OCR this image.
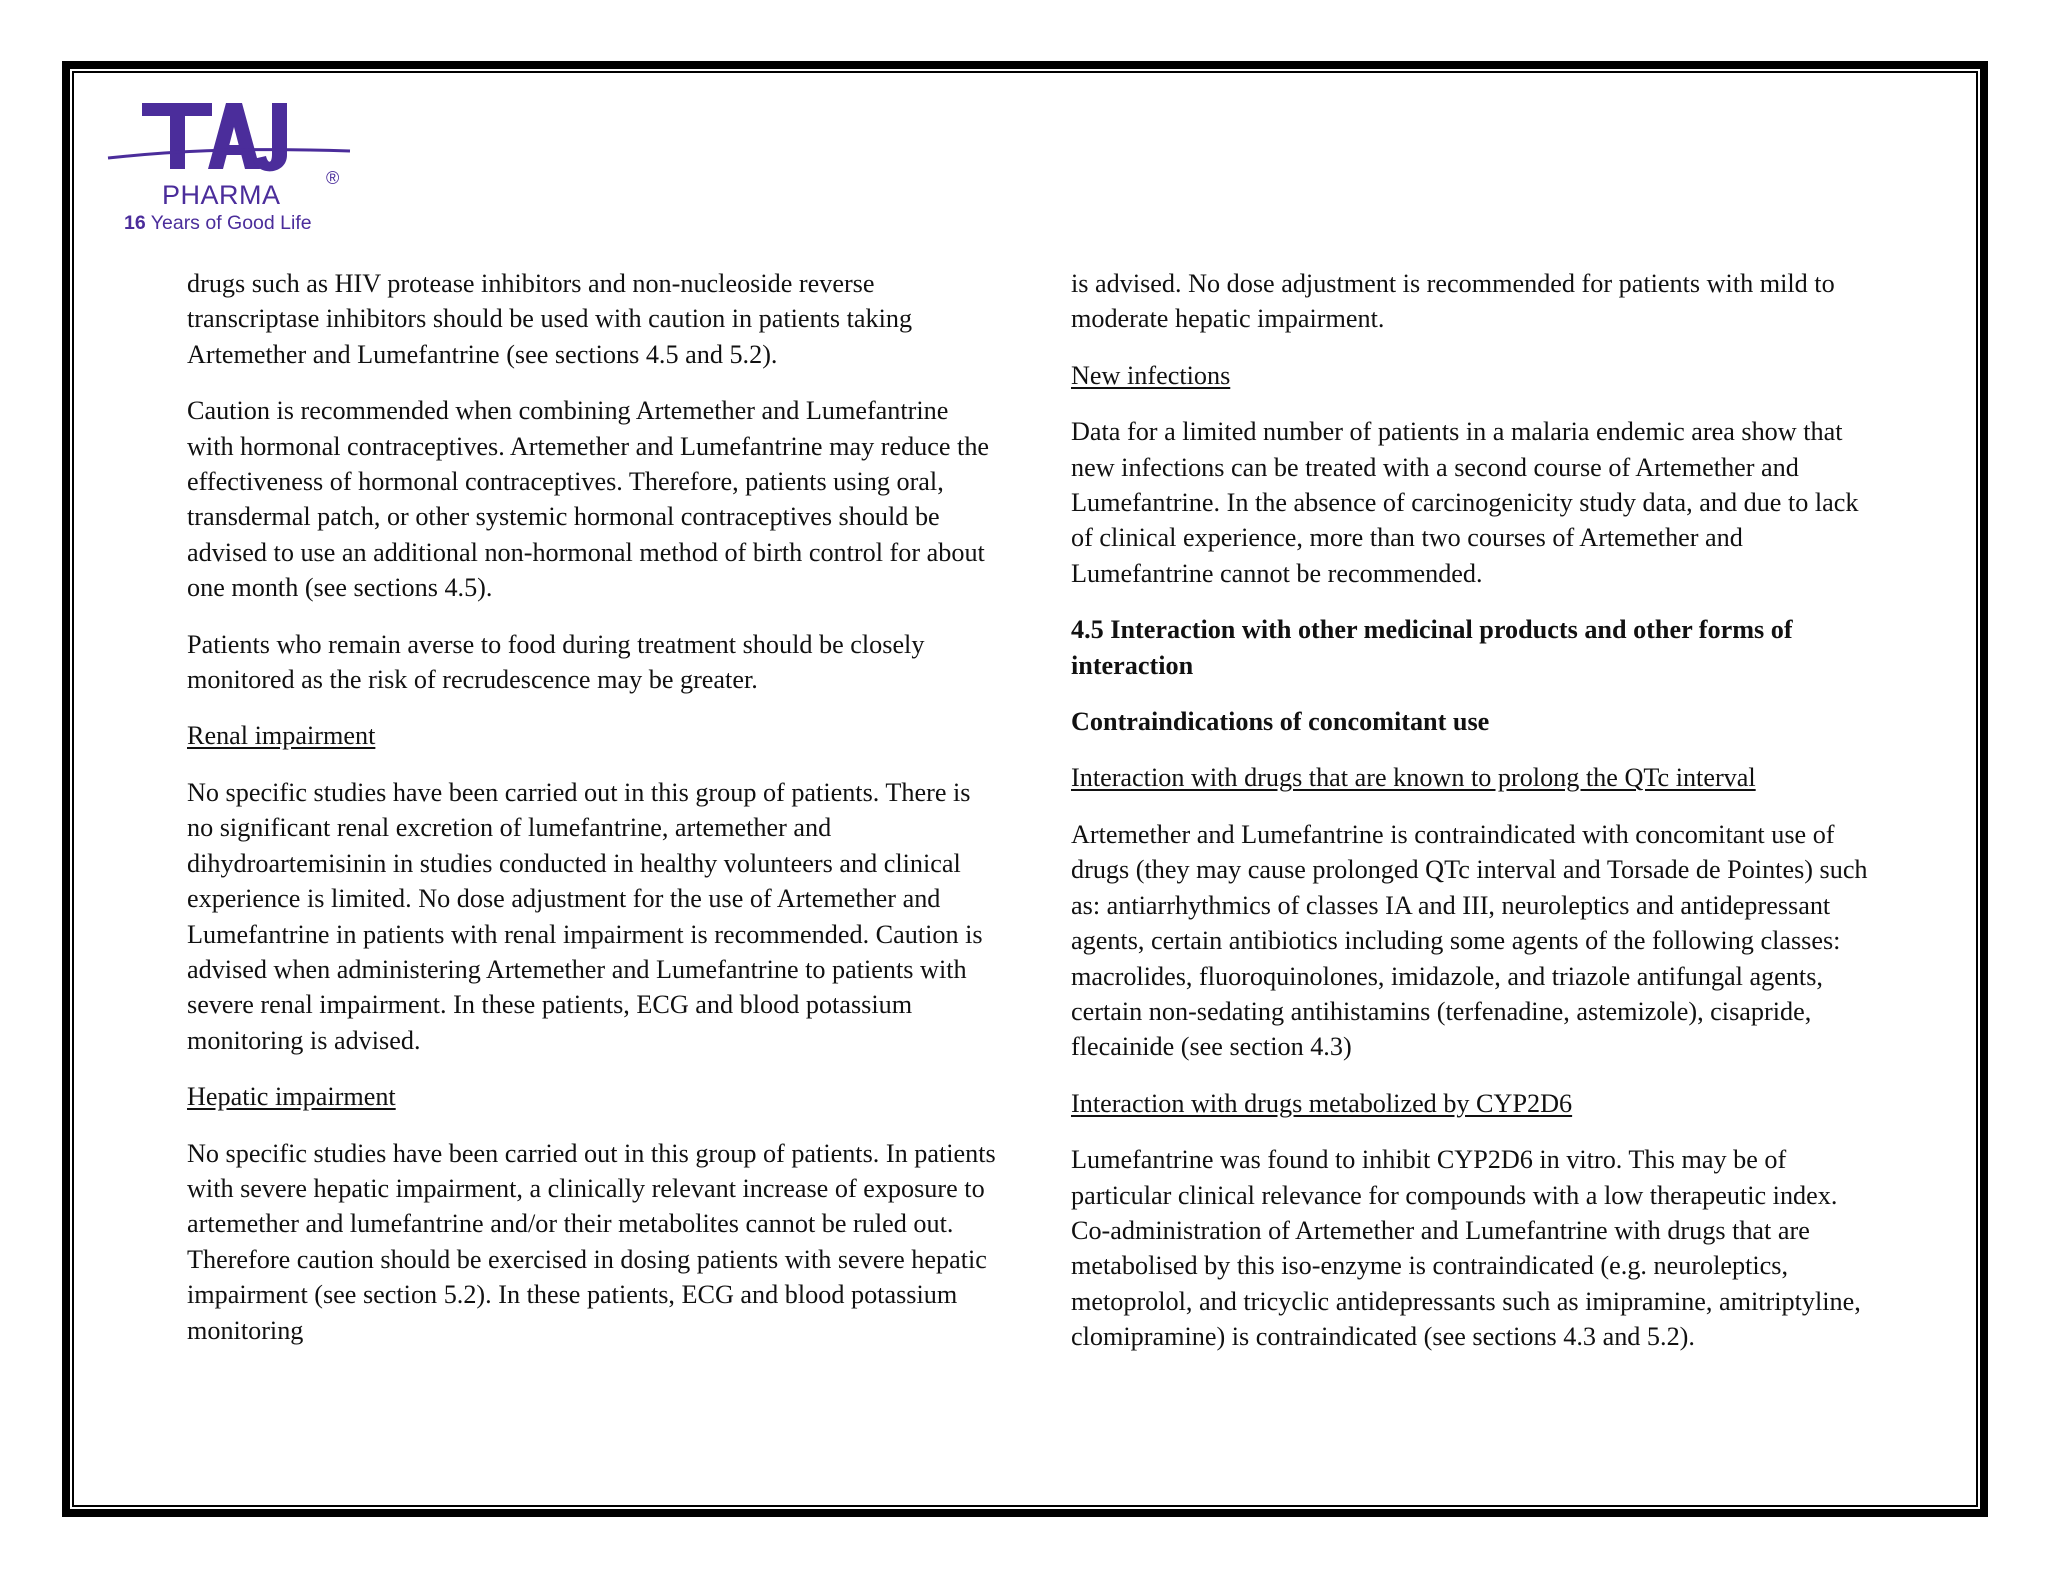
PHARMA
®
16 Years of Good Life

drugs such as HIV protease inhibitors and non-nucleoside reverse transcriptase inhibitors should be used with caution in patients taking Artemether and Lumefantrine (see sections 4.5 and 5.2).

Caution is recommended when combining Artemether and Lumefantrine with hormonal contraceptives. Artemether and Lumefantrine may reduce the effectiveness of hormonal contraceptives. Therefore, patients using oral, transdermal patch, or other systemic hormonal contraceptives should be advised to use an additional non-hormonal method of birth control for about one month (see sections 4.5).

Patients who remain averse to food during treatment should be closely monitored as the risk of recrudescence may be greater.

Renal impairment

No specific studies have been carried out in this group of patients. There is no significant renal excretion of lumefantrine, artemether and dihydroartemisinin in studies conducted in healthy volunteers and clinical experience is limited. No dose adjustment for the use of Artemether and Lumefantrine in patients with renal impairment is recommended. Caution is advised when administering Artemether and Lumefantrine to patients with severe renal impairment. In these patients, ECG and blood potassium monitoring is advised.

Hepatic impairment

No specific studies have been carried out in this group of patients. In patients with severe hepatic impairment, a clinically relevant increase of exposure to artemether and lumefantrine and/or their metabolites cannot be ruled out. Therefore caution should be exercised in dosing patients with severe hepatic impairment (see section 5.2). In these patients, ECG and blood potassium monitoring

is advised. No dose adjustment is recommended for patients with mild to moderate hepatic impairment.

New infections

Data for a limited number of patients in a malaria endemic area show that new infections can be treated with a second course of Artemether and Lumefantrine. In the absence of carcinogenicity study data, and due to lack of clinical experience, more than two courses of Artemether and Lumefantrine cannot be recommended.

4.5 Interaction with other medicinal products and other forms of interaction

Contraindications of concomitant use

Interaction with drugs that are known to prolong the QTc interval

Artemether and Lumefantrine is contraindicated with concomitant use of drugs (they may cause prolonged QTc interval and Torsade de Pointes) such as: antiarrhythmics of classes IA and III, neuroleptics and antidepressant agents, certain antibiotics including some agents of the following classes: macrolides, fluoroquinolones, imidazole, and triazole antifungal agents, certain non-sedating antihistamins (terfenadine, astemizole), cisapride, flecainide (see section 4.3)

Interaction with drugs metabolized by CYP2D6

Lumefantrine was found to inhibit CYP2D6 in vitro. This may be of particular clinical relevance for compounds with a low therapeutic index. Co-administration of Artemether and Lumefantrine with drugs that are metabolised by this iso-enzyme is contraindicated (e.g. neuroleptics, metoprolol, and tricyclic antidepressants such as imipramine, amitriptyline, clomipramine) is contraindicated (see sections 4.3 and 5.2).
